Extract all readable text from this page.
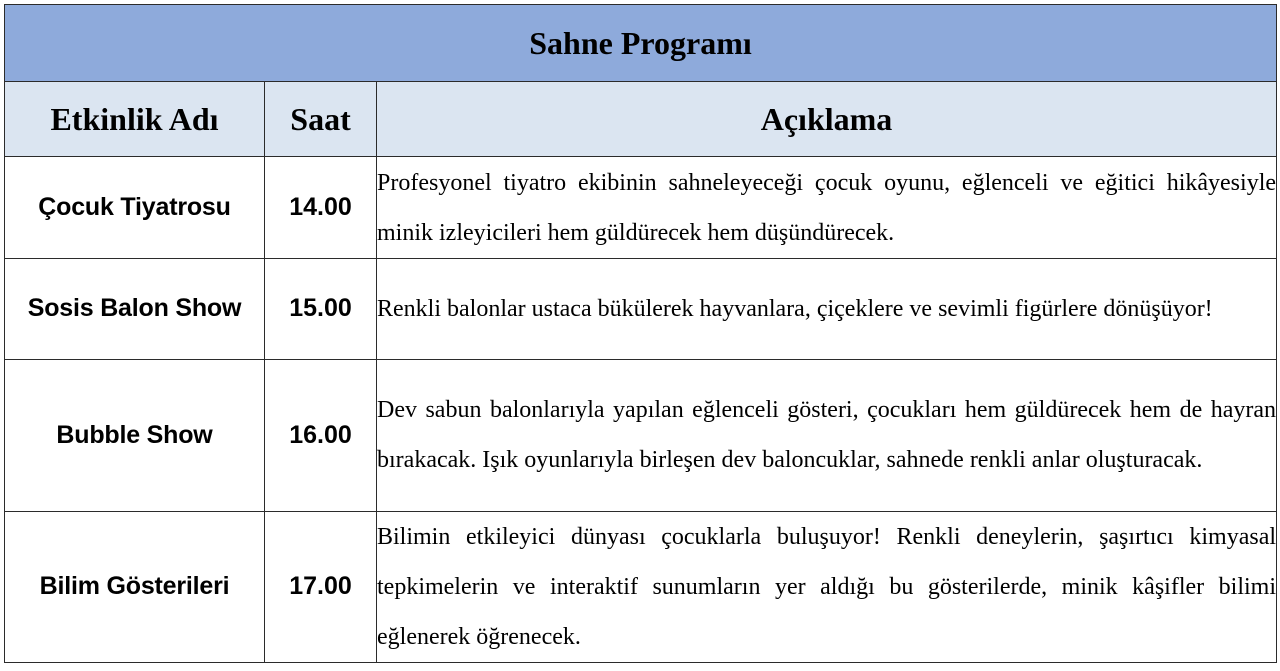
Sahne Programı		
Etkinlik Adı	Saat	Açıklama
Çocuk Tiyatrosu	14.00	Profesyonel tiyatro ekibinin sahneleyeceği çocuk oyunu, eğlenceli ve eğitici hikâyesiyle minik izleyicileri hem güldürecek hem düşündürecek.

Sosis Balon Show	15.00	Renkli balonlar ustaca bükülerek hayvanlara, çiçeklere ve sevimli figürlere dönüşüyor!

Bubble Show	16.00	Dev sabun balonlarıyla yapılan eğlenceli gösteri, çocukları hem güldürecek hem de hayran bırakacak. Işık oyunlarıyla birleşen dev baloncuklar, sahnede renkli anlar oluşturacak.

Bilim Gösterileri	17.00	Bilimin etkileyici dünyası çocuklarla buluşuyor! Renkli deneylerin, şaşırtıcı kimyasal tepkimelerin ve interaktif sunumların yer aldığı bu gösterilerde, minik kâşifler bilimi eğlenerek öğrenecek.
